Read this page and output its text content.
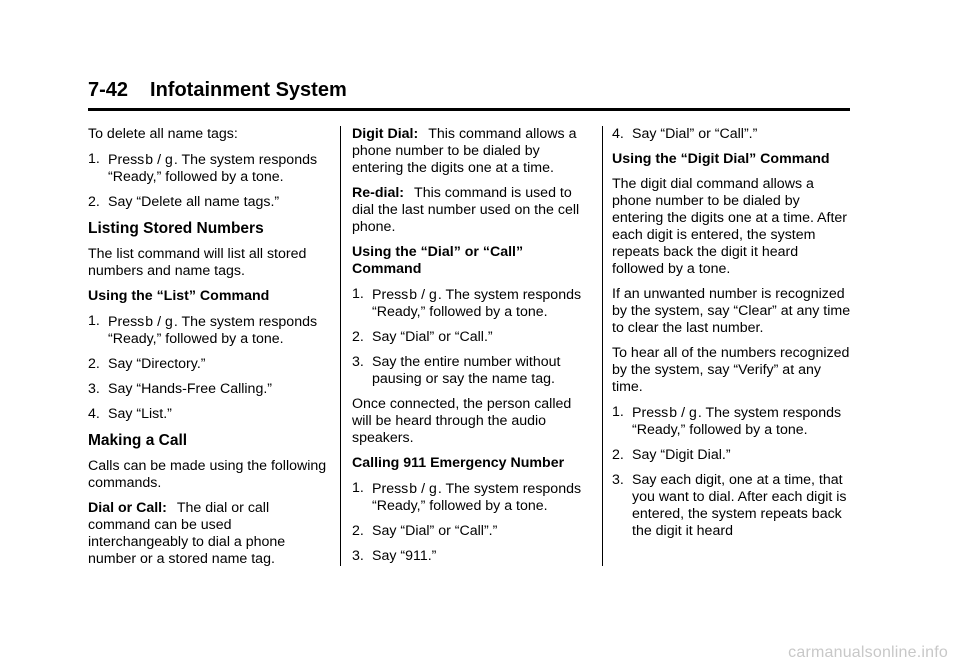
7-42 Infotainment System

To delete all name tags:

1. Pressb / g. The system responds “Ready,” followed by a tone.
2. Say “Delete all name tags.”
Listing Stored Numbers

The list command will list all stored numbers and name tags.

Using the “List” Command

1. Pressb / g. The system responds “Ready,” followed by a tone.
2. Say “Directory.”
3. Say “Hands-Free Calling.”
4. Say “List.”
Making a Call

Calls can be made using the following commands.

Dial or Call: The dial or call command can be used interchangeably to dial a phone number or a stored name tag.

Digit Dial: This command allows a phone number to be dialed by entering the digits one at a time.

Re-dial: This command is used to dial the last number used on the cell phone.

Using the “Dial” or “Call” Command

1. Pressb / g. The system responds “Ready,” followed by a tone.
2. Say “Dial” or “Call.”
3. Say the entire number without pausing or say the name tag.

Once connected, the person called will be heard through the audio speakers.

Calling 911 Emergency Number

1. Pressb / g. The system responds “Ready,” followed by a tone.
2. Say “Dial” or “Call”.”
3. Say “911.”
4. Say “Dial” or “Call”.”

Using the “Digit Dial” Command

The digit dial command allows a phone number to be dialed by entering the digits one at a time. After each digit is entered, the system repeats back the digit it heard followed by a tone.

If an unwanted number is recognized by the system, say “Clear” at any time to clear the last number.

To hear all of the numbers recognized by the system, say “Verify” at any time.

1. Pressb / g. The system responds “Ready,” followed by a tone.
2. Say “Digit Dial.”
3. Say each digit, one at a time, that you want to dial. After each digit is entered, the system repeats back the digit it heard
carmanualsonline.info
